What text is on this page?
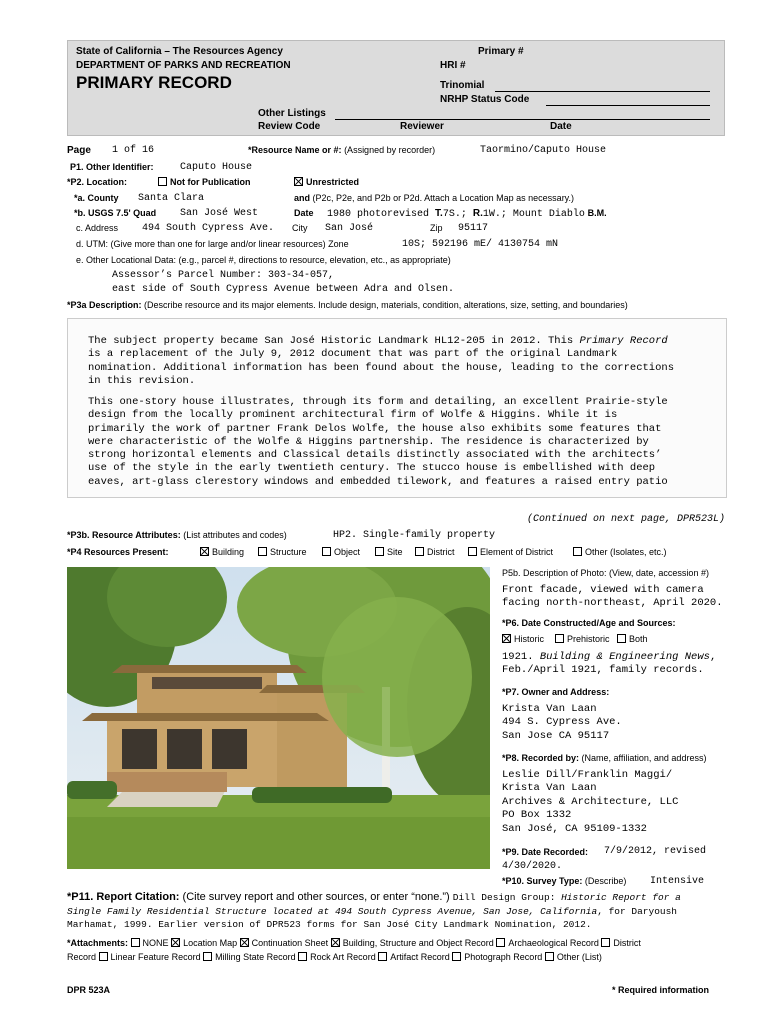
State of California – The Resources Agency
DEPARTMENT OF PARKS AND RECREATION
PRIMARY RECORD
Primary #
HRI #
Trinomial
NRHP Status Code
Other Listings
Review Code	Reviewer	Date
Page 1 of 16	*Resource Name or #: (Assigned by recorder)	Taormino/Caputo House
P1. Other Identifier:	Caputo House
*P2. Location:	Not for Publication	Unrestricted
*a. County Santa Clara	and (P2c, P2e, and P2b or P2d. Attach a Location Map as necessary.)
*b. USGS 7.5' Quad San José West	Date 1980 photorevised T.7S.; R.1W.; Mount Diablo B.M.
c. Address 494 South Cypress Ave. City San José	Zip 95117
d. UTM: (Give more than one for large and/or linear resources) Zone	10S; 592196 mE/ 4130754 mN
e. Other Locational Data: (e.g., parcel #, directions to resource, elevation, etc., as appropriate)
Assessor’s Parcel Number: 303-34-057,
east side of South Cypress Avenue between Adra and Olsen.
*P3a Description: (Describe resource and its major elements. Include design, materials, condition, alterations, size, setting, and boundaries)

The subject property became San José Historic Landmark HL12-205 in 2012. This Primary Record

is a replacement of the July 9, 2012 document that was part of the original Landmark

nomination. Additional information has been found about the house, leading to the corrections

in this revision.

This one-story house illustrates, through its form and detailing, an excellent Prairie-style

design from the locally prominent architectural firm of Wolfe & Higgins. While it is

primarily the work of partner Frank Delos Wolfe, the house also exhibits some features that

were characteristic of the Wolfe & Higgins partnership. The residence is characterized by

strong horizontal elements and Classical details distinctly associated with the architects’

use of the style in the early twentieth century. The stucco house is embellished with deep

eaves, art-glass clerestory windows and embedded tilework, and features a raised entry patio

(Continued on next page, DPR523L)
*P3b. Resource Attributes: (List attributes and codes)	HP2. Single-family property
*P4 Resources Present:	Building	Structure	Object	Site	District	Element of District	Other (Isolates, etc.)
P5b. Description of Photo: (View, date, accession #)
Front facade, viewed with camera
facing north-northeast, April 2020.
*P6. Date Constructed/Age and Sources:
Historic	Prehistoric	Both
1921. Building & Engineering News,
Feb./April 1921, family records.
*P7. Owner and Address:
Krista Van Laan
494 S. Cypress Ave.
San Jose CA 95117
*P8. Recorded by: (Name, affiliation, and address)
Leslie Dill/Franklin Maggi/
Krista Van Laan
Archives & Architecture, LLC
PO Box 1332
San José, CA 95109-1332
*P9. Date Recorded: 7/9/2012, revised
4/30/2020.
*P10. Survey Type: (Describe) Intensive
*P11. Report Citation: (Cite survey report and other sources, or enter “none.”) Dill Design Group: Historic Report for a
Single Family Residential Structure located at 494 South Cypress Avenue, San Jose, California, for Daryoush
Marhamat, 1999. Earlier version of DPR523 forms for San José City Landmark Nomination, 2012.
*Attachments: NONE Location Map Continuation Sheet Building, Structure and Object Record Archaeological Record District
Record Linear Feature Record Milling State Record Rock Art Record Artifact Record Photograph Record Other (List)
DPR 523A	* Required information
